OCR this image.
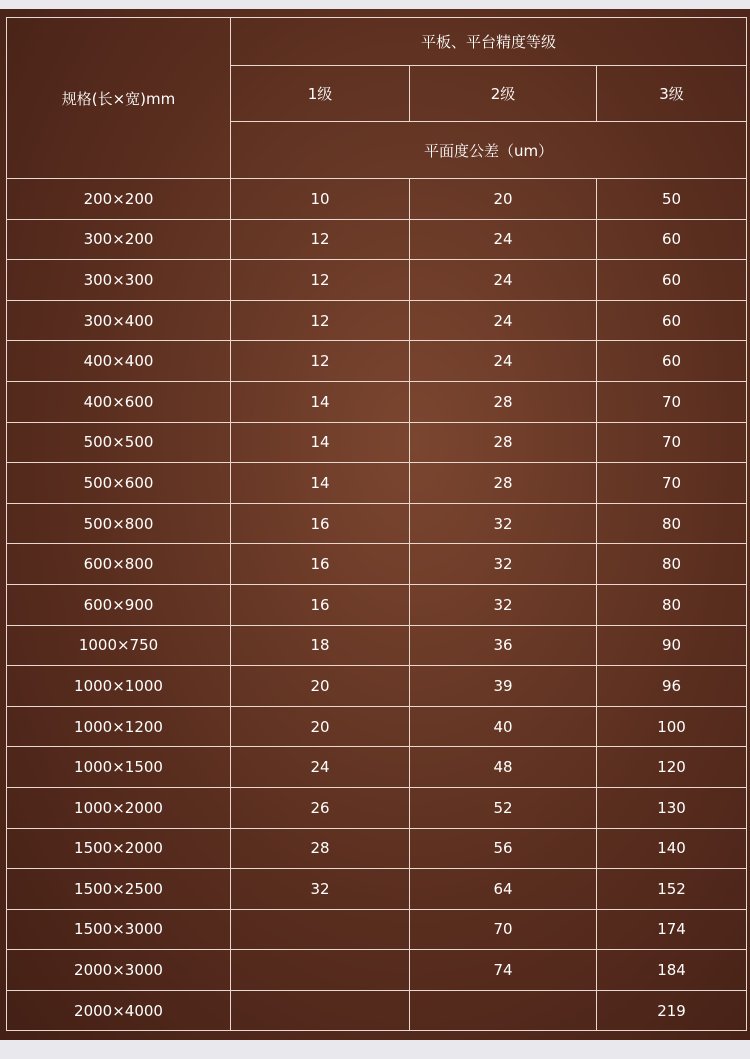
规格(长×宽)mm	平板、平台精度等级		
	1级	2级	3级
	平面度公差（um）		
200×200	10	20	50
300×200	12	24	60
300×300	12	24	60
300×400	12	24	60
400×400	12	24	60
400×600	14	28	70
500×500	14	28	70
500×600	14	28	70
500×800	16	32	80
600×800	16	32	80
600×900	16	32	80
1000×750	18	36	90
1000×1000	20	39	96
1000×1200	20	40	100
1000×1500	24	48	120
1000×2000	26	52	130
1500×2000	28	56	140
1500×2500	32	64	152
1500×3000		70	174
2000×3000		74	184
2000×4000			219
